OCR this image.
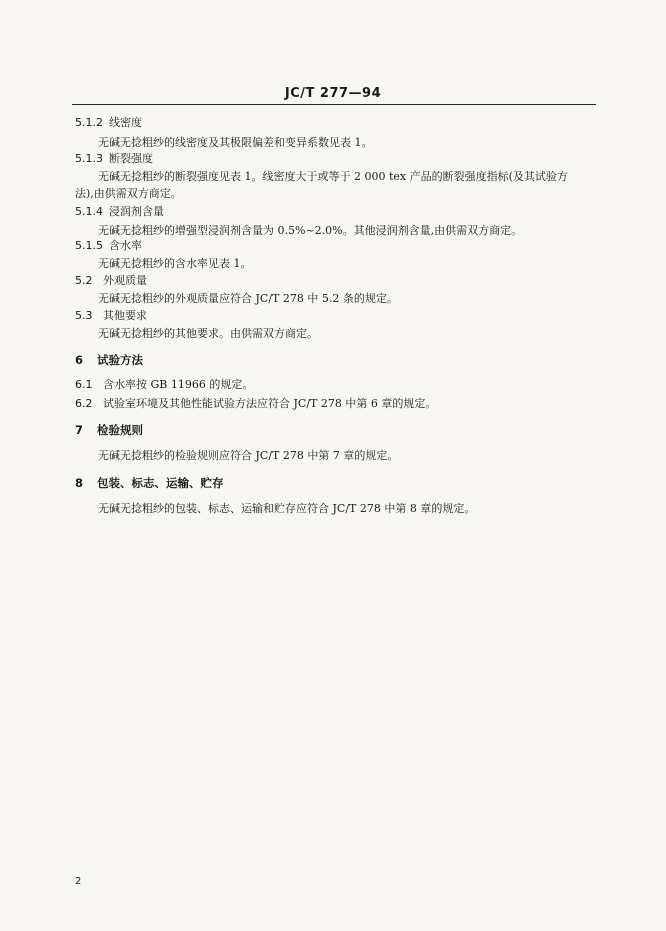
JC/T 277—94
5.1.2 线密度
无碱无捻粗纱的线密度及其极限偏差和变异系数见表 1。
5.1.3 断裂强度
无碱无捻粗纱的断裂强度见表 1。线密度大于或等于 2 000 tex 产品的断裂强度指标(及其试验方
法),由供需双方商定。
5.1.4 浸润剂含量
无碱无捻粗纱的增强型浸润剂含量为 0.5%~2.0%。其他浸润剂含量,由供需双方商定。
5.1.5 含水率
无碱无捻粗纱的含水率见表 1。
5.2 外观质量
无碱无捻粗纱的外观质量应符合 JC/T 278 中 5.2 条的规定。
5.3 其他要求
无碱无捻粗纱的其他要求。由供需双方商定。
6 试验方法
6.1 含水率按 GB 11966 的规定。
6.2 试验室环境及其他性能试验方法应符合 JC/T 278 中第 6 章的规定。
7 检验规则
无碱无捻粗纱的检验规则应符合 JC/T 278 中第 7 章的规定。
8 包装、标志、运输、贮存
无碱无捻粗纱的包装、标志、运输和贮存应符合 JC/T 278 中第 8 章的规定。
2
